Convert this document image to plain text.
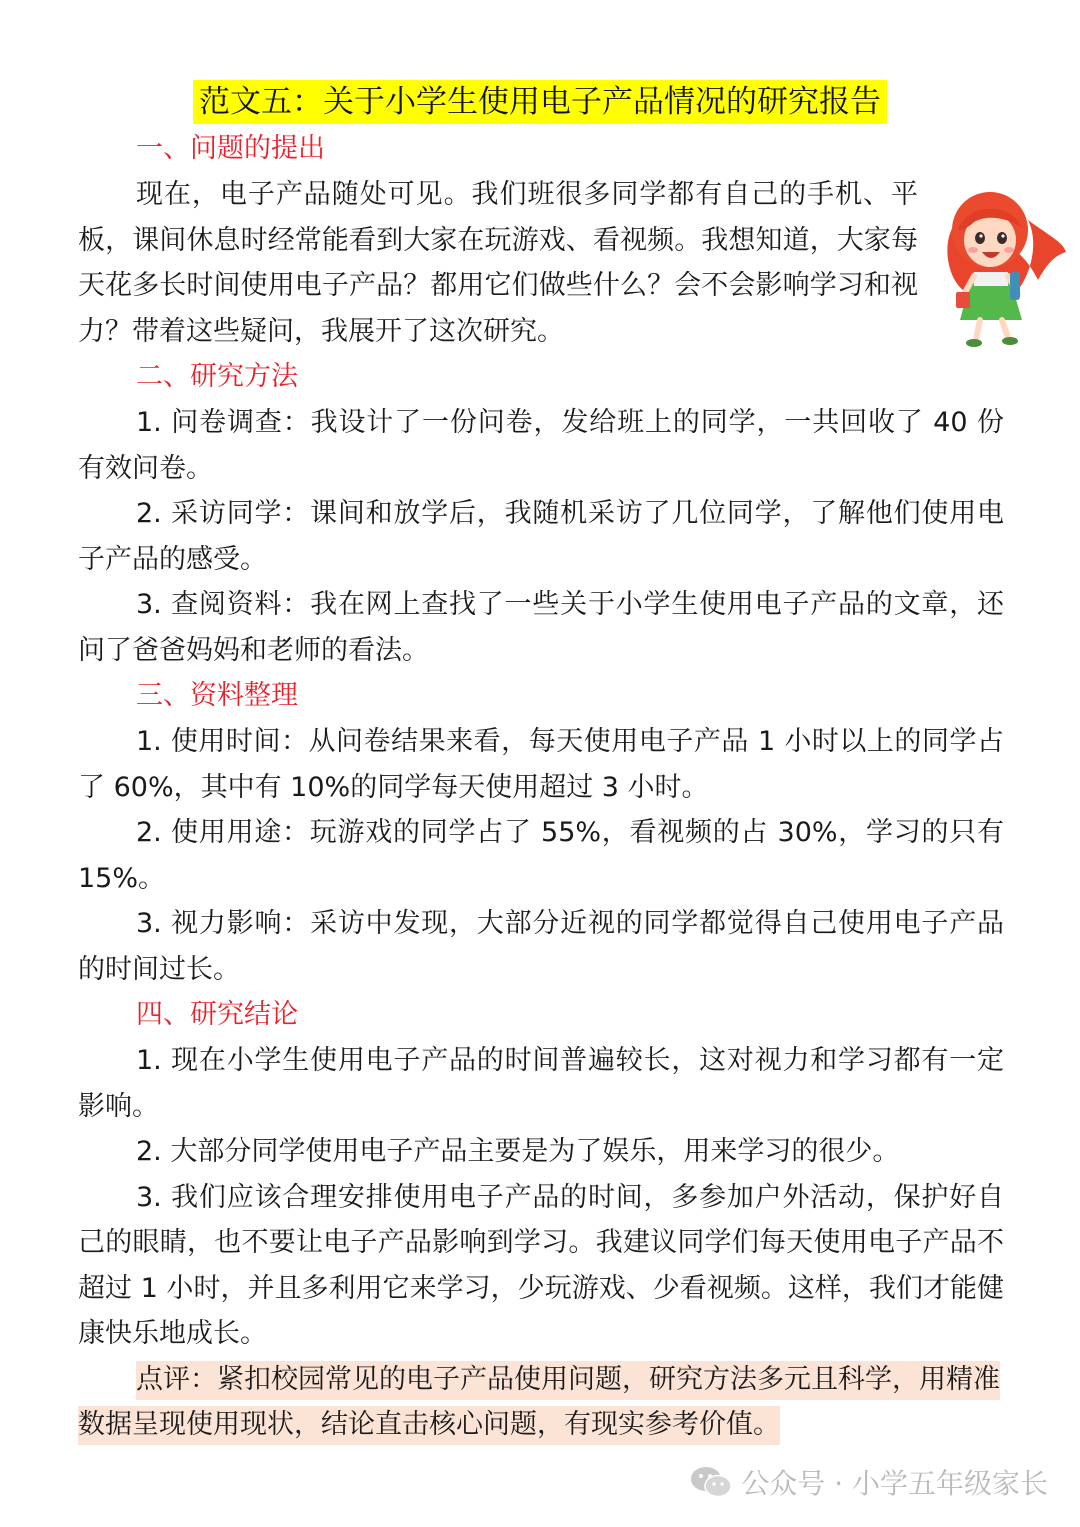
范文五：关于小学生使用电子产品情况的研究报告

一、问题的提出

现在，电子产品随处可见。我们班很多同学都有自己的手机、平板，课间休息时经常能看到大家在玩游戏、看视频。我想知道，大家每天花多长时间使用电子产品？都用它们做些什么？会不会影响学习和视力？带着这些疑问，我展开了这次研究。

二、研究方法

1. 问卷调查：我设计了一份问卷，发给班上的同学，一共回收了 40 份有效问卷。

2. 采访同学：课间和放学后，我随机采访了几位同学，了解他们使用电子产品的感受。

3. 查阅资料：我在网上查找了一些关于小学生使用电子产品的文章，还问了爸爸妈妈和老师的看法。

三、资料整理

1. 使用时间：从问卷结果来看，每天使用电子产品 1 小时以上的同学占了 60%，其中有 10%的同学每天使用超过 3 小时。

2. 使用用途：玩游戏的同学占了 55%，看视频的占 30%，学习的只有 15%。

3. 视力影响：采访中发现，大部分近视的同学都觉得自己使用电子产品的时间过长。

四、研究结论

1. 现在小学生使用电子产品的时间普遍较长，这对视力和学习都有一定影响。

2. 大部分同学使用电子产品主要是为了娱乐，用来学习的很少。

3. 我们应该合理安排使用电子产品的时间，多参加户外活动，保护好自己的眼睛，也不要让电子产品影响到学习。我建议同学们每天使用电子产品不超过 1 小时，并且多利用它来学习，少玩游戏、少看视频。这样，我们才能健康快乐地成长。

点评：紧扣校园常见的电子产品使用问题，研究方法多元且科学，用精准数据呈现使用现状，结论直击核心问题，有现实参考价值。

公众号 · 小学五年级家长
